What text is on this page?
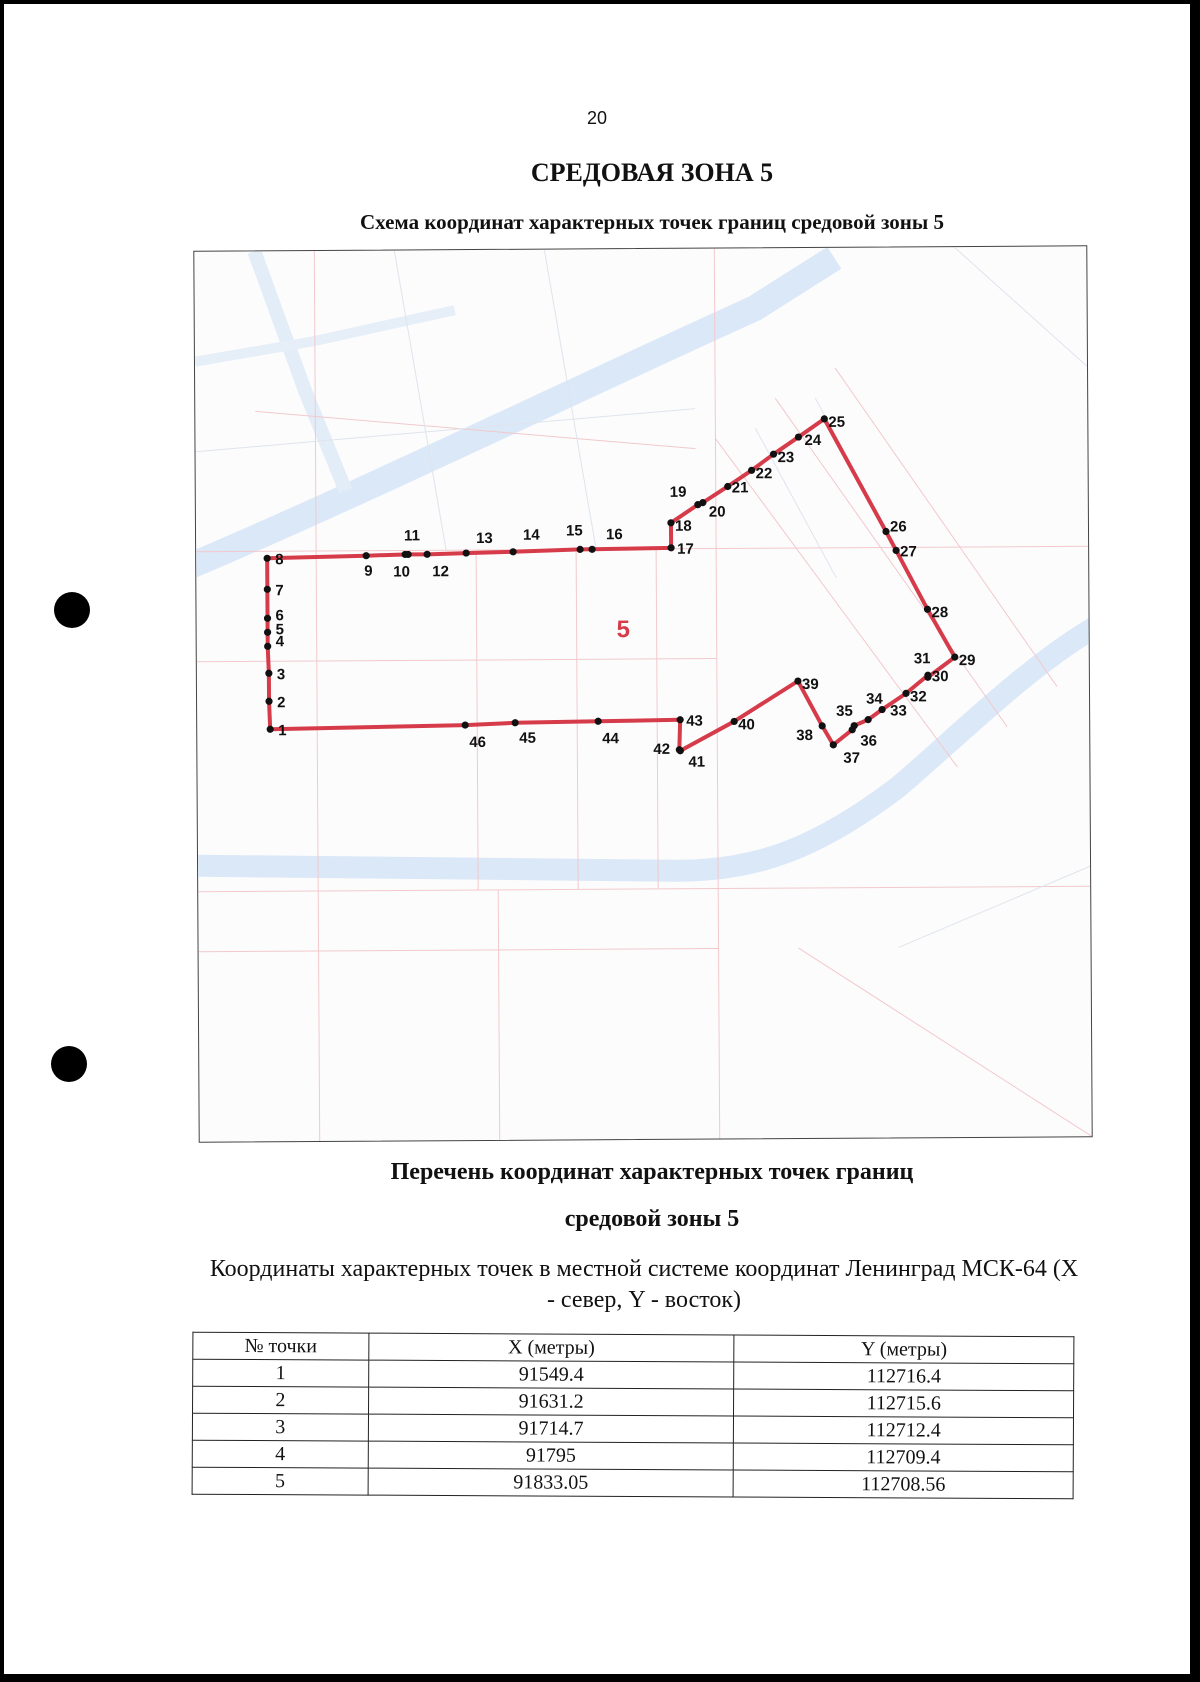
20
СРЕДОВАЯ ЗОНА 5
Схема координат характерных точек границ средовой зоны 5
1
2
3
4
5
6
7
8
9 10
11
12
13 14 15 16
17
18
19
20
21
22
23
24
25
26
27
28
29
30
31
32
33
34
35
36
37
38
39
40
41
42
43
44
45
46
5
Перечень координат характерных точек границ
средовой зоны 5
Координаты характерных точек в местной системе координат Ленинград МСК-64 (X - север, Y - восток)
№ точки	X (метры)	Y (метры)
1	91549.4	112716.4
2	91631.2	112715.6
3	91714.7	112712.4
4	91795	112709.4
5	91833.05	112708.56
